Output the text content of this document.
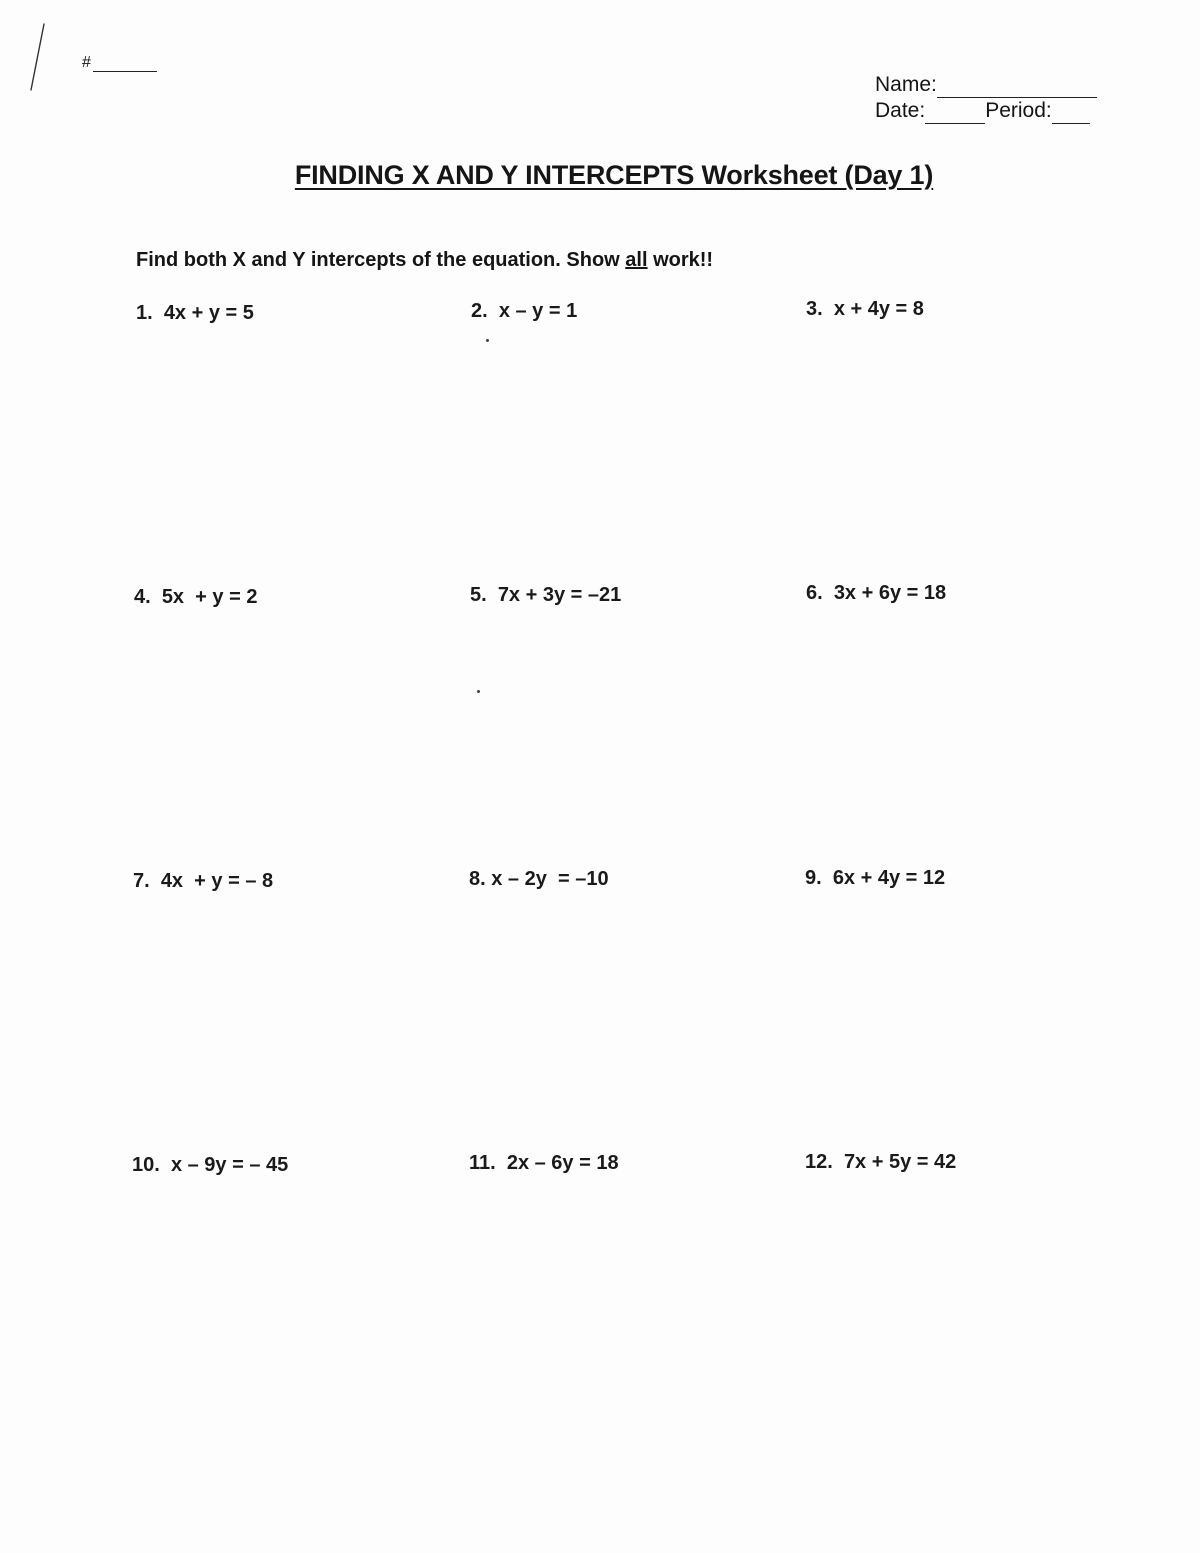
#
Name:
Date:	Period:
FINDING X AND Y INTERCEPTS Worksheet (Day 1)
Find both X and Y intercepts of the equation. Show all work!!
1. 4x + y = 5	2. x – y = 1	3. x + 4y = 8
4. 5x  + y = 2	5. 7x + 3y = –21	6. 3x + 6y = 18
7. 4x  + y = – 8	8. x – 2y  = –10	9. 6x + 4y = 12
10. x – 9y = – 45	11. 2x – 6y = 18	12. 7x + 5y = 42
